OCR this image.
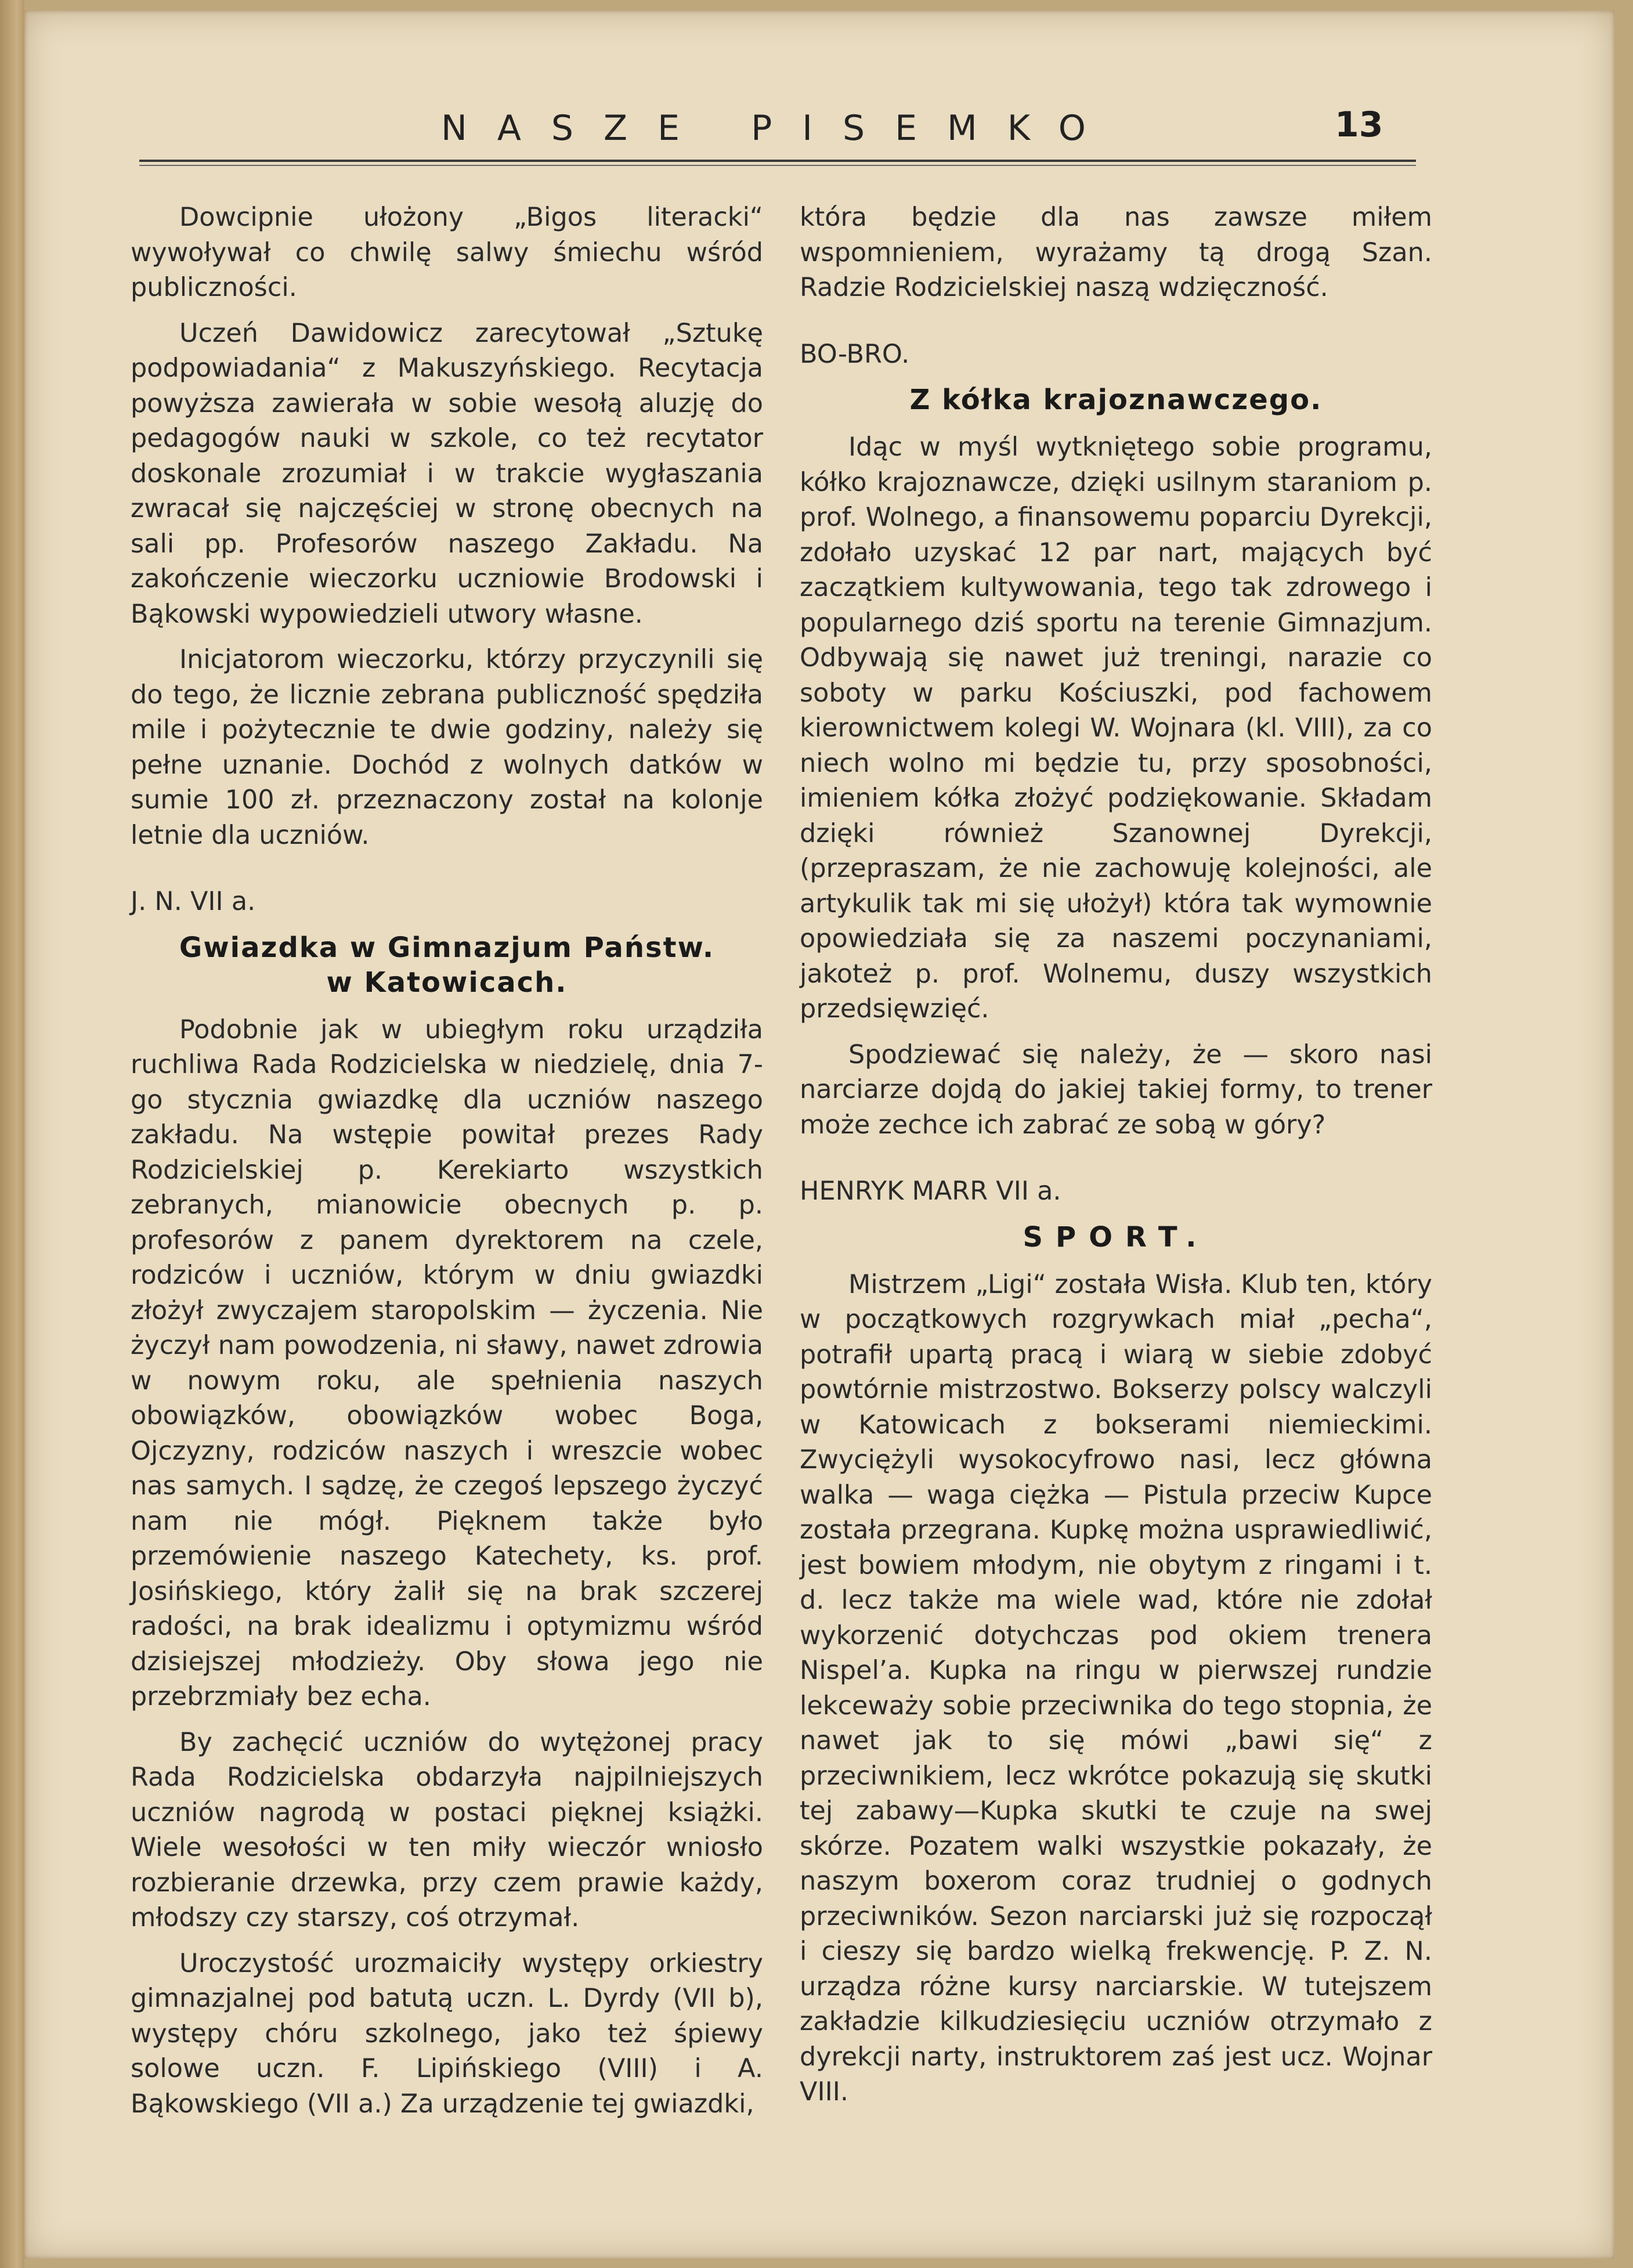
NASZE PISEMKO	13

Dowcipnie ułożony „Bigos literacki“ wywoływał co chwilę salwy śmiechu wśród publiczności.

Uczeń Dawidowicz zarecytował „Sztukę podpowiadania“ z Makuszyńskiego. Recytacja powyższa zawierała w sobie wesołą aluzję do pedagogów nauki w szkole, co też recytator doskonale zrozumiał i w trakcie wygłaszania zwracał się najczęściej w stronę obecnych na sali pp. Profesorów naszego Zakładu. Na zakończenie wieczorku uczniowie Brodowski i Bąkowski wypowiedzieli utwory własne.

Inicjatorom wieczorku, którzy przyczynili się do tego, że licznie zebrana publiczność spędziła mile i pożytecznie te dwie godziny, należy się pełne uznanie. Dochód z wolnych datków w sumie 100 zł. przeznaczony został na kolonje letnie dla uczniów.

J. N. VII a.

Gwiazdka w Gimnazjum Państw.
w Katowicach.

Podobnie jak w ubiegłym roku urządziła ruchliwa Rada Rodzicielska w niedzielę, dnia 7-go stycznia gwiazdkę dla uczniów naszego zakładu. Na wstępie powitał prezes Rady Rodzicielskiej p. Kerekiarto wszystkich zebranych, mianowicie obecnych p. p. profesorów z panem dyrektorem na czele, rodziców i uczniów, którym w dniu gwiazdki złożył zwyczajem staropolskim — życzenia. Nie życzył nam powodzenia, ni sławy, nawet zdrowia w nowym roku, ale spełnienia naszych obowiązków, obowiązków wobec Boga, Ojczyzny, rodziców naszych i wreszcie wobec nas samych. I sądzę, że czegoś lepszego życzyć nam nie mógł. Pięknem także było przemówienie naszego Katechety, ks. prof. Josińskiego, który żalił się na brak szczerej radości, na brak idealizmu i optymizmu wśród dzisiejszej młodzieży. Oby słowa jego nie przebrzmiały bez echa.

By zachęcić uczniów do wytężonej pracy Rada Rodzicielska obdarzyła najpilniejszych uczniów nagrodą w postaci pięknej książki. Wiele wesołości w ten miły wieczór wniosło rozbieranie drzewka, przy czem prawie każdy, młodszy czy starszy, coś otrzymał.

Uroczystość urozmaiciły występy orkiestry gimnazjalnej pod batutą uczn. L. Dyrdy (VII b), występy chóru szkolnego, jako też śpiewy solowe uczn. F. Lipińskiego (VIII) i A. Bąkowskiego (VII a.) Za urządzenie tej gwiazdki,

która będzie dla nas zawsze miłem wspomnieniem, wyrażamy tą drogą Szan. Radzie Rodzicielskiej naszą wdzięczność.

BO-BRO.

Z kółka krajoznawczego.

Idąc w myśl wytkniętego sobie programu, kółko krajoznawcze, dzięki usilnym staraniom p. prof. Wolnego, a finansowemu poparciu Dyrekcji, zdołało uzyskać 12 par nart, mających być zaczątkiem kultywowania, tego tak zdrowego i popularnego dziś sportu na terenie Gimnazjum. Odbywają się nawet już treningi, narazie co soboty w parku Kościuszki, pod fachowem kierownictwem kolegi W. Wojnara (kl. VIII), za co niech wolno mi będzie tu, przy sposobności, imieniem kółka złożyć podziękowanie. Składam dzięki również Szanownej Dyrekcji, (przepraszam, że nie zachowuję kolejności, ale artykulik tak mi się ułożył) która tak wymownie opowiedziała się za naszemi poczynaniami, jakoteż p. prof. Wolnemu, duszy wszystkich przedsięwzięć.

Spodziewać się należy, że — skoro nasi narciarze dojdą do jakiej takiej formy, to trener może zechce ich zabrać ze sobą w góry?

HENRYK MARR VII a.

SPORT.

Mistrzem „Ligi“ została Wisła. Klub ten, który w początkowych rozgrywkach miał „pecha“, potrafił upartą pracą i wiarą w siebie zdobyć powtórnie mistrzostwo. Bokserzy polscy walczyli w Katowicach z bokserami niemieckimi. Zwyciężyli wysokocyfrowo nasi, lecz główna walka — waga ciężka — Pistula przeciw Kupce została przegrana. Kupkę można usprawiedliwić, jest bowiem młodym, nie obytym z ringami i t. d. lecz także ma wiele wad, które nie zdołał wykorzenić dotychczas pod okiem trenera Nispel’a. Kupka na ringu w pierwszej rundzie lekceważy sobie przeciwnika do tego stopnia, że nawet jak to się mówi „bawi się“ z przeciwnikiem, lecz wkrótce pokazują się skutki tej zabawy—Kupka skutki te czuje na swej skórze. Pozatem walki wszystkie pokazały, że naszym boxerom coraz trudniej o godnych przeciwników. Sezon narciarski już się rozpoczął i cieszy się bardzo wielką frekwencję. P. Z. N. urządza różne kursy narciarskie. W tutejszem zakładzie kilkudziesięciu uczniów otrzymało z dyrekcji narty, instruktorem zaś jest ucz. Wojnar VIII.
